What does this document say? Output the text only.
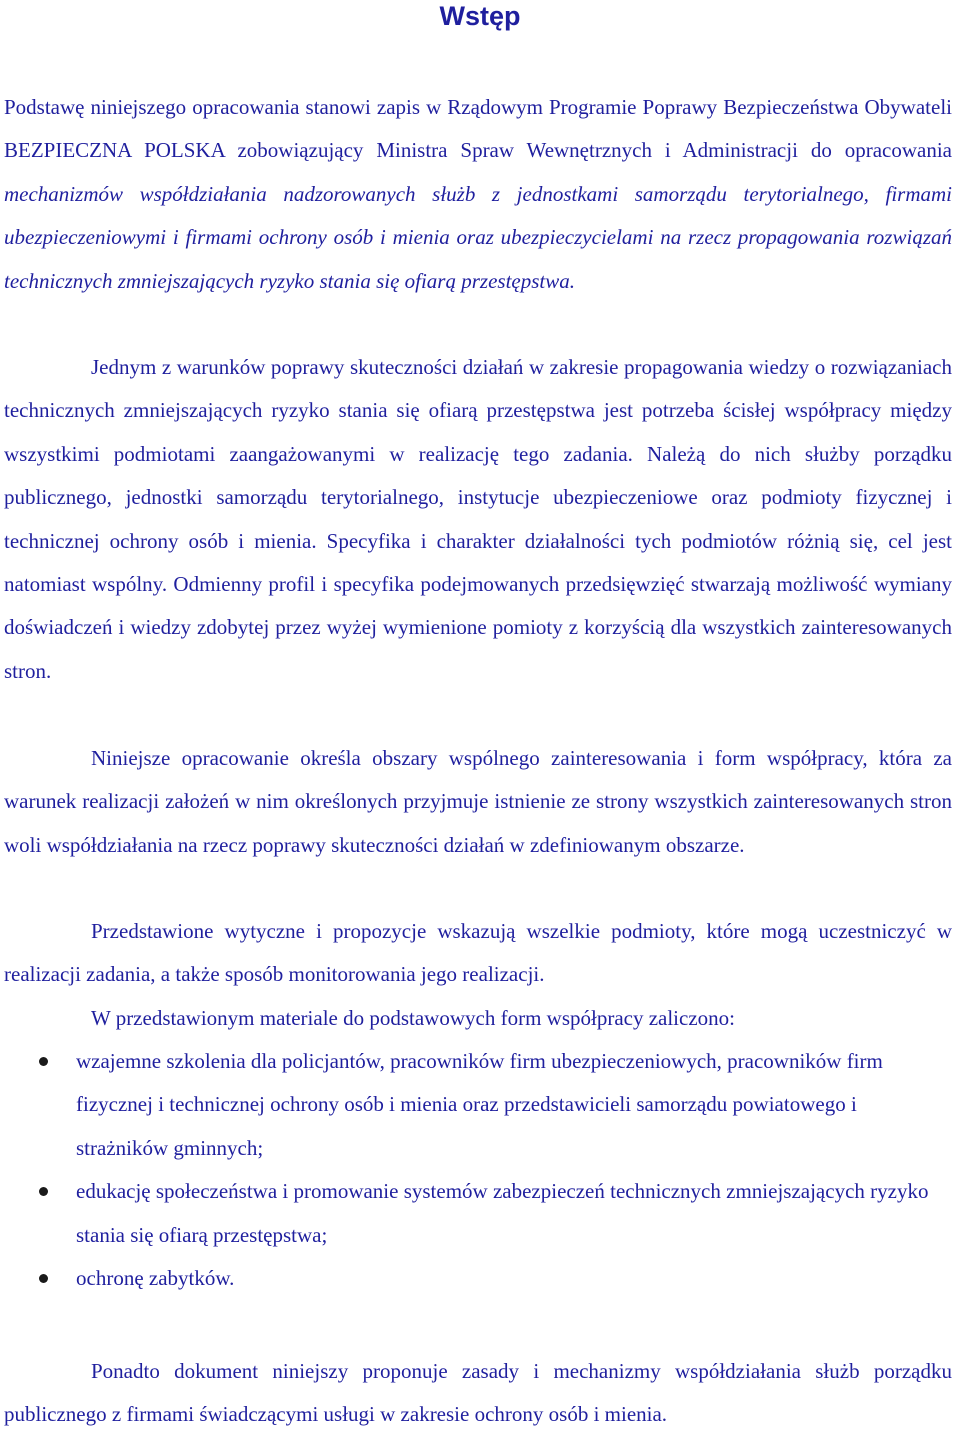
Wstęp

Podstawę niniejszego opracowania stanowi zapis w Rządowym Programie Poprawy Bezpieczeństwa Obywateli BEZPIECZNA POLSKA zobowiązujący Ministra Spraw Wewnętrznych i Administracji do opracowania mechanizmów współdziałania nadzorowanych służb z jednostkami samorządu terytorialnego, firmami ubezpieczeniowymi i firmami ochrony osób i mienia oraz ubezpieczycielami na rzecz propagowania rozwiązań technicznych zmniejszających ryzyko stania się ofiarą przestępstwa.

Jednym z warunków poprawy skuteczności działań w zakresie propagowania wiedzy o rozwiązaniach technicznych zmniejszających ryzyko stania się ofiarą przestępstwa jest potrzeba ścisłej współpracy między wszystkimi podmiotami zaangażowanymi w realizację tego zadania. Należą do nich służby porządku publicznego, jednostki samorządu terytorialnego, instytucje ubezpieczeniowe oraz podmioty fizycznej i technicznej ochrony osób i mienia. Specyfika i charakter działalności tych podmiotów różnią się, cel jest natomiast wspólny. Odmienny profil i specyfika podejmowanych przedsięwzięć stwarzają możliwość wymiany doświadczeń i wiedzy zdobytej przez wyżej wymienione pomioty z korzyścią dla wszystkich zainteresowanych stron.

Niniejsze opracowanie określa obszary wspólnego zainteresowania i form współpracy, która za warunek realizacji założeń w nim określonych przyjmuje istnienie ze strony wszystkich zainteresowanych stron woli współdziałania na rzecz poprawy skuteczności działań w zdefiniowanym obszarze.

Przedstawione wytyczne i propozycje wskazują wszelkie podmioty, które mogą uczestniczyć w realizacji zadania, a także sposób monitorowania jego realizacji.

W przedstawionym materiale do podstawowych form współpracy zaliczono:

wzajemne szkolenia dla policjantów, pracowników firm ubezpieczeniowych, pracowników firm fizycznej i technicznej ochrony osób i mienia oraz przedstawicieli samorządu powiatowego i strażników gminnych;
edukację społeczeństwa i promowanie systemów zabezpieczeń technicznych zmniejszających ryzyko stania się ofiarą przestępstwa;
ochronę zabytków.

Ponadto dokument niniejszy proponuje zasady i mechanizmy współdziałania służb porządku publicznego z firmami świadczącymi usługi w zakresie ochrony osób i mienia.
